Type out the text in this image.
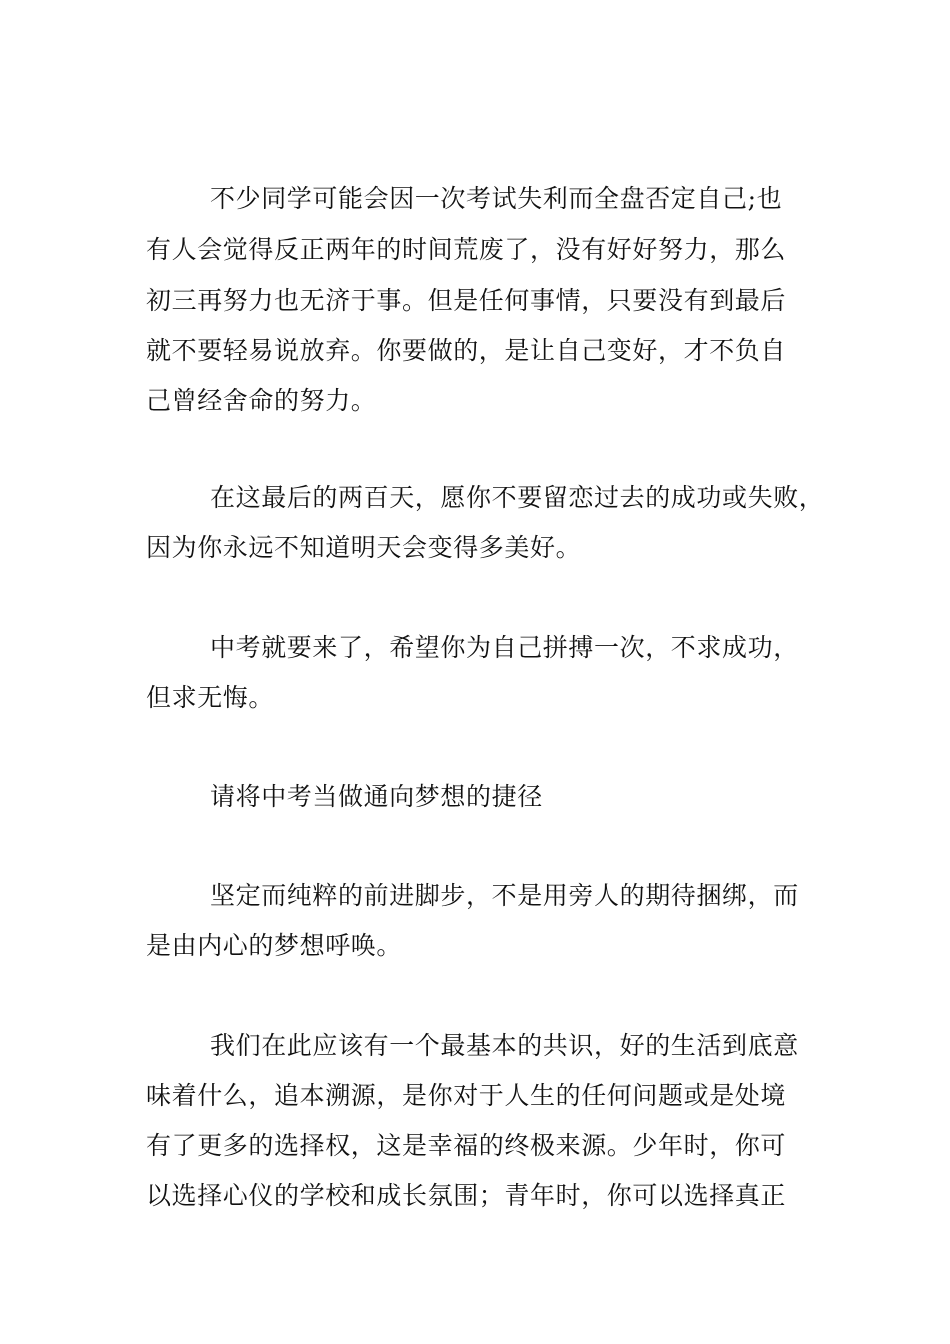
不少同学可能会因一次考试失利而全盘否定自己;也
有人会觉得反正两年的时间荒废了，没有好好努力，那么
初三再努力也无济于事。但是任何事情，只要没有到最后
就不要轻易说放弃。你要做的，是让自己变好，才不负自
己曾经舍命的努力。
在这最后的两百天，愿你不要留恋过去的成功或失败，
因为你永远不知道明天会变得多美好。
中考就要来了，希望你为自己拼搏一次，不求成功，
但求无悔。
请将中考当做通向梦想的捷径
坚定而纯粹的前进脚步，不是用旁人的期待捆绑，而
是由内心的梦想呼唤。
我们在此应该有一个最基本的共识，好的生活到底意
味着什么，追本溯源，是你对于人生的任何问题或是处境
有了更多的选择权，这是幸福的终极来源。少年时，你可
以选择心仪的学校和成长氛围；青年时，你可以选择真正
